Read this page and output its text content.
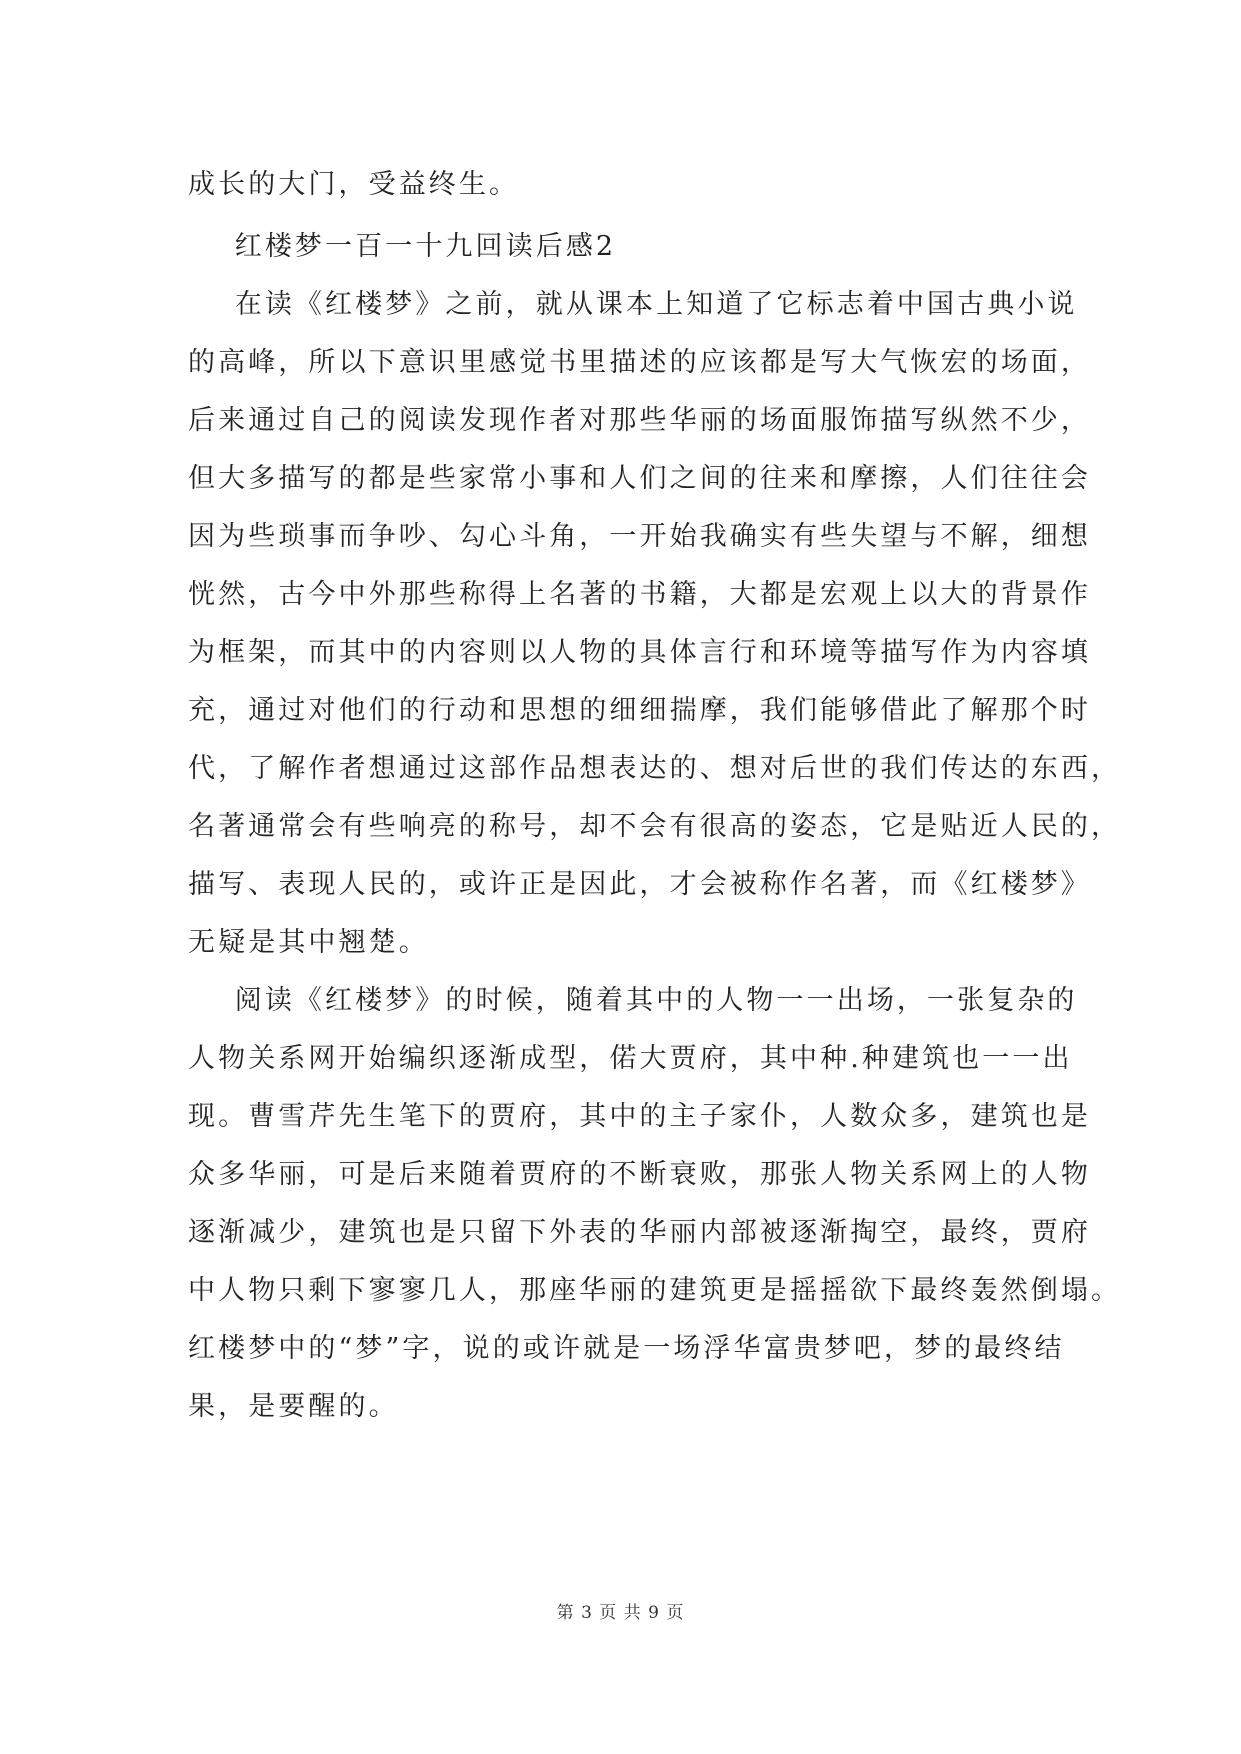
成长的大门，受益终生。

红楼梦一百一十九回读后感2

在读《红楼梦》之前，就从课本上知道了它标志着中国古典小说

的高峰，所以下意识里感觉书里描述的应该都是写大气恢宏的场面，

后来通过自己的阅读发现作者对那些华丽的场面服饰描写纵然不少，

但大多描写的都是些家常小事和人们之间的往来和摩擦，人们往往会

因为些琐事而争吵、勾心斗角，一开始我确实有些失望与不解，细想

恍然，古今中外那些称得上名著的书籍，大都是宏观上以大的背景作

为框架，而其中的内容则以人物的具体言行和环境等描写作为内容填

充，通过对他们的行动和思想的细细揣摩，我们能够借此了解那个时

代，了解作者想通过这部作品想表达的、想对后世的我们传达的东西，

名著通常会有些响亮的称号，却不会有很高的姿态，它是贴近人民的，

描写、表现人民的，或许正是因此，才会被称作名著，而《红楼梦》

无疑是其中翘楚。

阅读《红楼梦》的时候，随着其中的人物一一出场，一张复杂的

人物关系网开始编织逐渐成型，偌大贾府，其中种.种建筑也一一出

现。曹雪芹先生笔下的贾府，其中的主子家仆，人数众多，建筑也是

众多华丽，可是后来随着贾府的不断衰败，那张人物关系网上的人物

逐渐减少，建筑也是只留下外表的华丽内部被逐渐掏空，最终，贾府

中人物只剩下寥寥几人，那座华丽的建筑更是摇摇欲下最终轰然倒塌。

红楼梦中的“梦”字，说的或许就是一场浮华富贵梦吧，梦的最终结

果，是要醒的。

第 3 页 共 9 页
